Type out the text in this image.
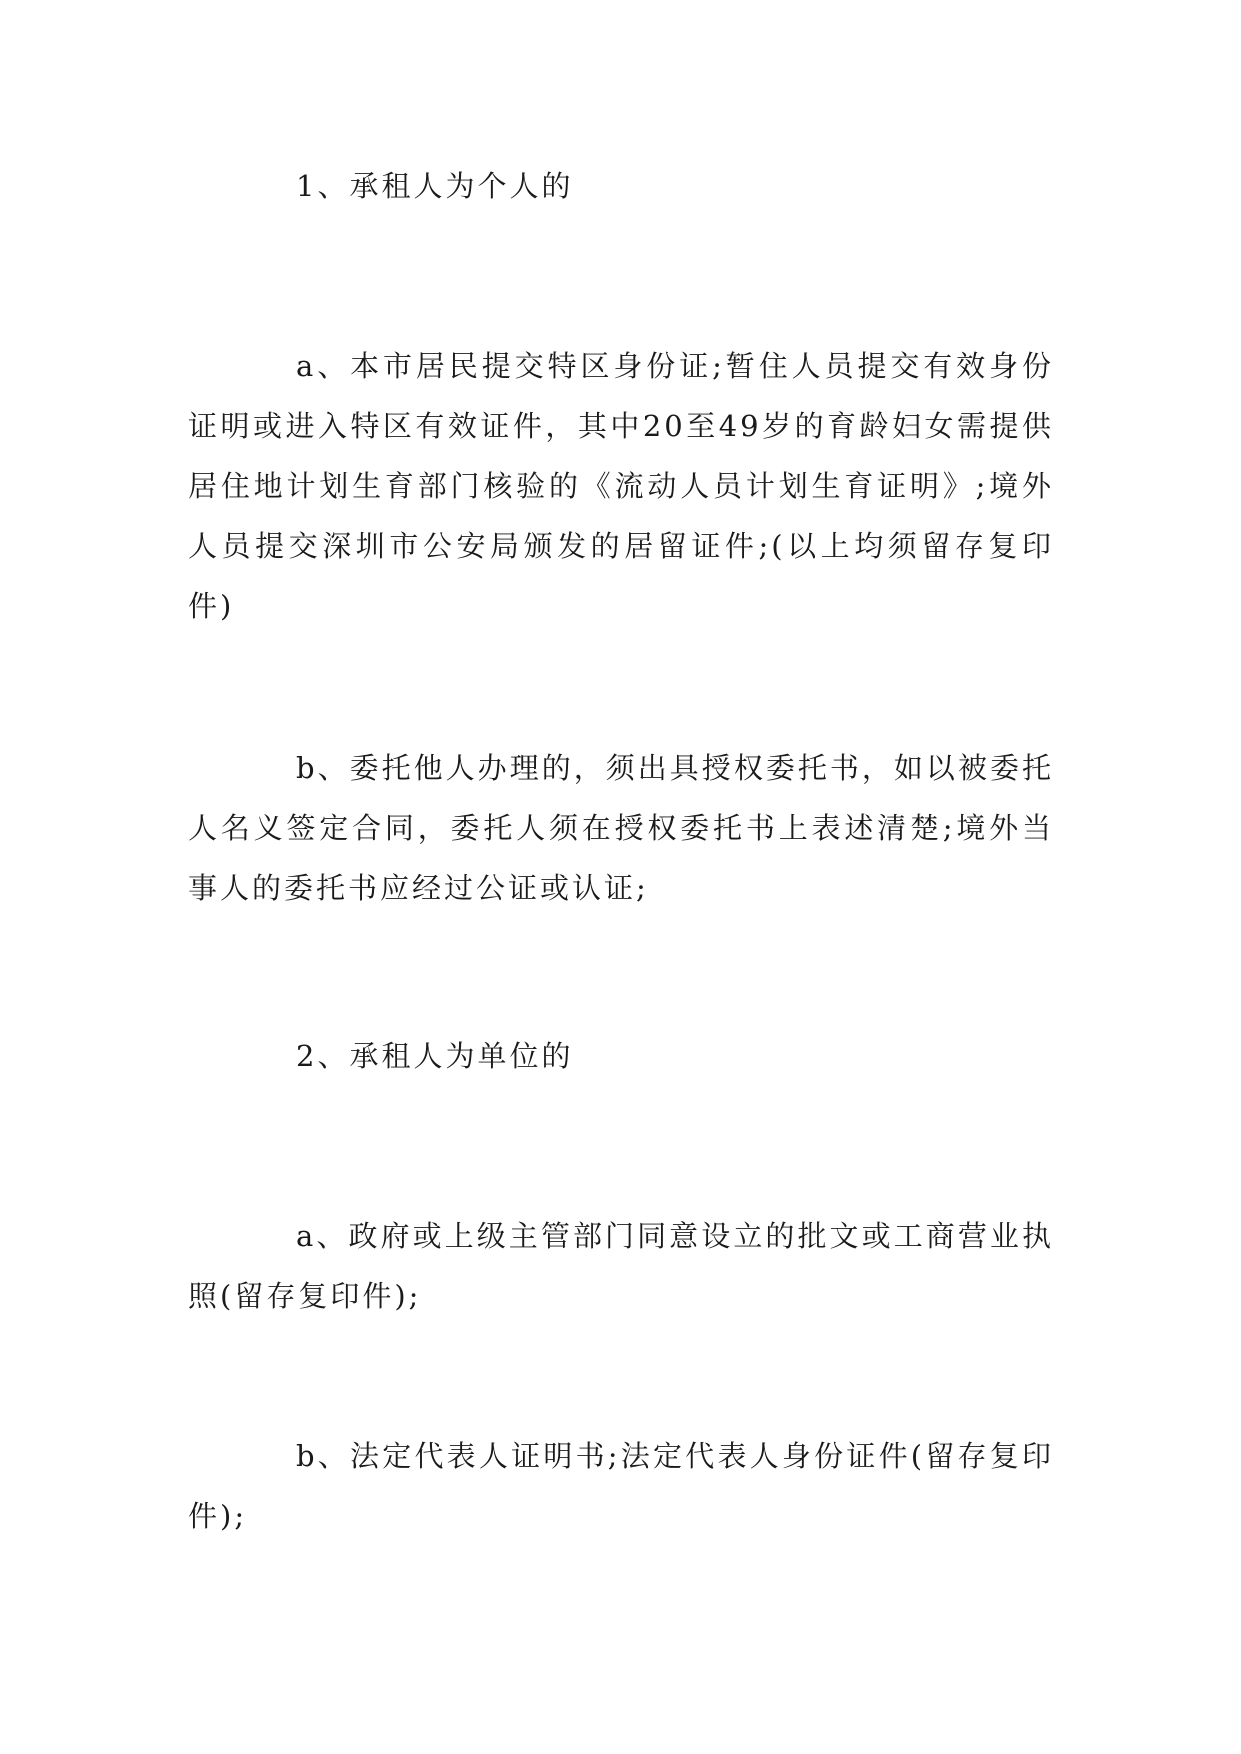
1、承租人为个人的

a、本市居民提交特区身份证;暂住人员提交有效身份证明或进入特区有效证件，其中20至49岁的育龄妇女需提供居住地计划生育部门核验的《流动人员计划生育证明》;境外人员提交深圳市公安局颁发的居留证件;(以上均须留存复印件)

b、委托他人办理的，须出具授权委托书，如以被委托人名义签定合同，委托人须在授权委托书上表述清楚;境外当事人的委托书应经过公证或认证;

2、承租人为单位的

a、政府或上级主管部门同意设立的批文或工商营业执照(留存复印件);

b、法定代表人证明书;法定代表人身份证件(留存复印件);
